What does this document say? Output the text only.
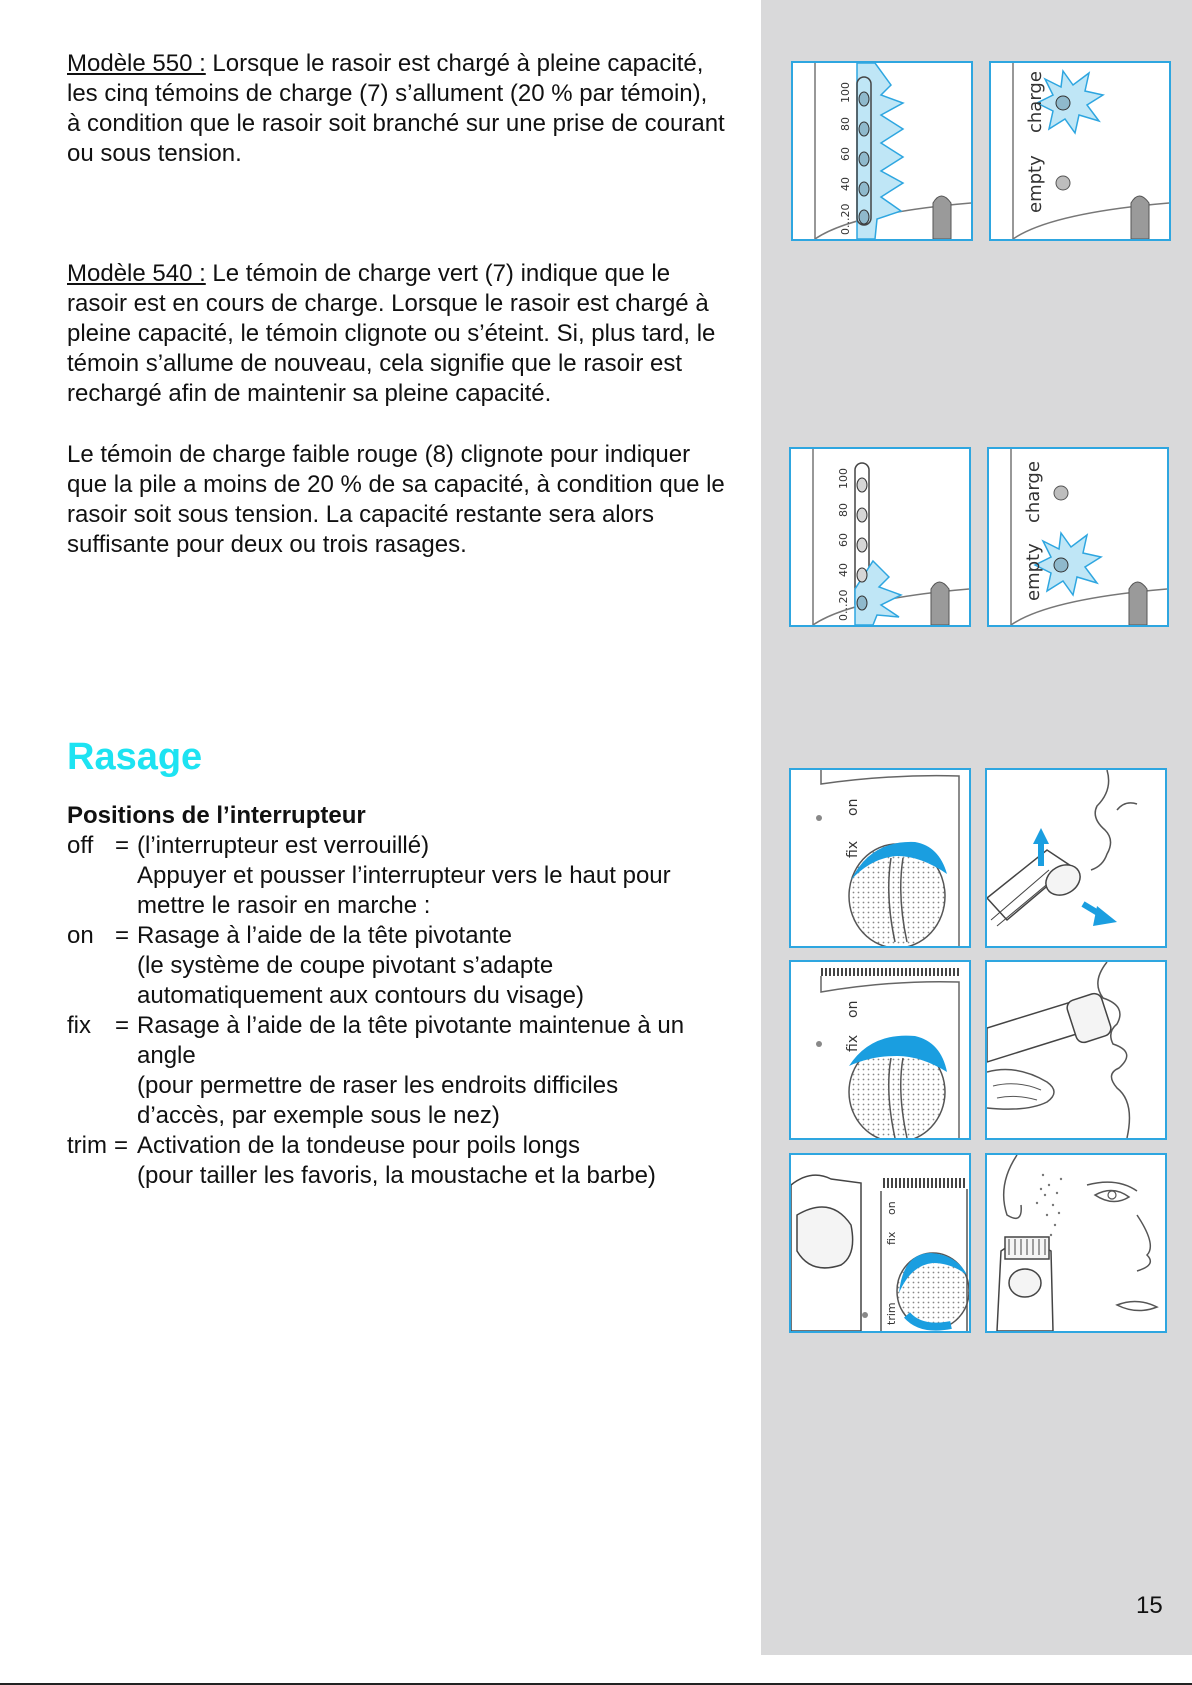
Modèle 550 : Lorsque le rasoir est chargé à pleine capacité, les cinq témoins de charge (7) s’allument (20 % par témoin), à condition que le rasoir soit branché sur une prise de courant ou sous tension.

Modèle 540 : Le témoin de charge vert (7) indique que le rasoir est en cours de charge. Lorsque le rasoir est chargé à pleine capacité, le témoin clignote ou s’éteint. Si, plus tard, le témoin s’allume de nouveau, cela signifie que le rasoir est rechargé afin de maintenir sa pleine capacité.

Le témoin de charge faible rouge (8) clignote pour indiquer que la pile a moins de 20 % de sa capacité, à condition que le rasoir soit sous tension. La capacité restante sera alors suffisante pour deux ou trois rasages.

Rasage
Positions de l’interrupteur
off = (l’interrupteur est verrouillé)
Appuyer et pousser l’interrupteur vers le haut pour
mettre le rasoir en marche :
on = Rasage à l’aide de la tête pivotante
(le système de coupe pivotant s’adapte
automatiquement aux contours du visage)
fix	= Rasage à l’aide de la tête pivotante maintenue à un
angle
(pour permettre de raser les endroits difficiles
d’accès, par exemple sous le nez)
trim = Activation de la tondeuse pour poils longs
(pour tailler les favoris, la moustache et la barbe)
15
100
80
60
40
0...20
charge
empty
100
80
60
40
0...20
charge
empty
on
fix
on
fix
on
fix
trim
